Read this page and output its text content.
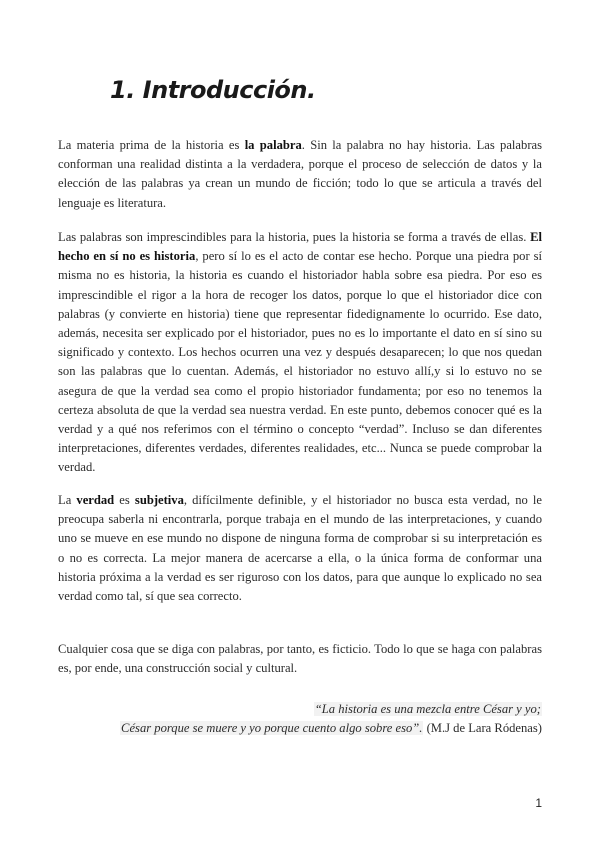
1. Introducción.

La materia prima de la historia es la palabra. Sin la palabra no hay historia. Las palabras conforman una realidad distinta a la verdadera, porque el proceso de selección de datos y la elección de las palabras ya crean un mundo de ficción; todo lo que se articula a través del lenguaje es literatura.

Las palabras son imprescindibles para la historia, pues la historia se forma a través de ellas. El hecho en sí no es historia, pero sí lo es el acto de contar ese hecho. Porque una piedra por sí misma no es historia, la historia es cuando el historiador habla sobre esa piedra. Por eso es imprescindible el rigor a la hora de recoger los datos, porque lo que el historiador dice con palabras (y convierte en historia) tiene que representar fidedignamente lo ocurrido. Ese dato, además, necesita ser explicado por el historiador, pues no es lo importante el dato en sí sino su significado y contexto. Los hechos ocurren una vez y después desaparecen; lo que nos quedan son las palabras que lo cuentan. Además, el historiador no estuvo allí,y si lo estuvo no se asegura de que la verdad sea como el propio historiador fundamenta; por eso no tenemos la certeza absoluta de que la verdad sea nuestra verdad. En este punto, debemos conocer qué es la verdad y a qué nos referimos con el término o concepto “verdad”. Incluso se dan diferentes interpretaciones, diferentes verdades, diferentes realidades, etc... Nunca se puede comprobar la verdad.

La verdad es subjetiva, difícilmente definible, y el historiador no busca esta verdad, no le preocupa saberla ni encontrarla, porque trabaja en el mundo de las interpretaciones, y cuando uno se mueve en ese mundo no dispone de ninguna forma de comprobar si su interpretación es o no es correcta. La mejor manera de acercarse a ella, o la única forma de conformar una historia próxima a la verdad es ser riguroso con los datos, para que aunque lo explicado no sea verdad como tal, sí que sea correcto.

Cualquier cosa que se diga con palabras, por tanto, es ficticio. Todo lo que se haga con palabras es, por ende, una construcción social y cultural.

“La historia es una mezcla entre César y yo;
César porque se muere y yo porque cuento algo sobre eso”. (M.J de Lara Ródenas)
1
